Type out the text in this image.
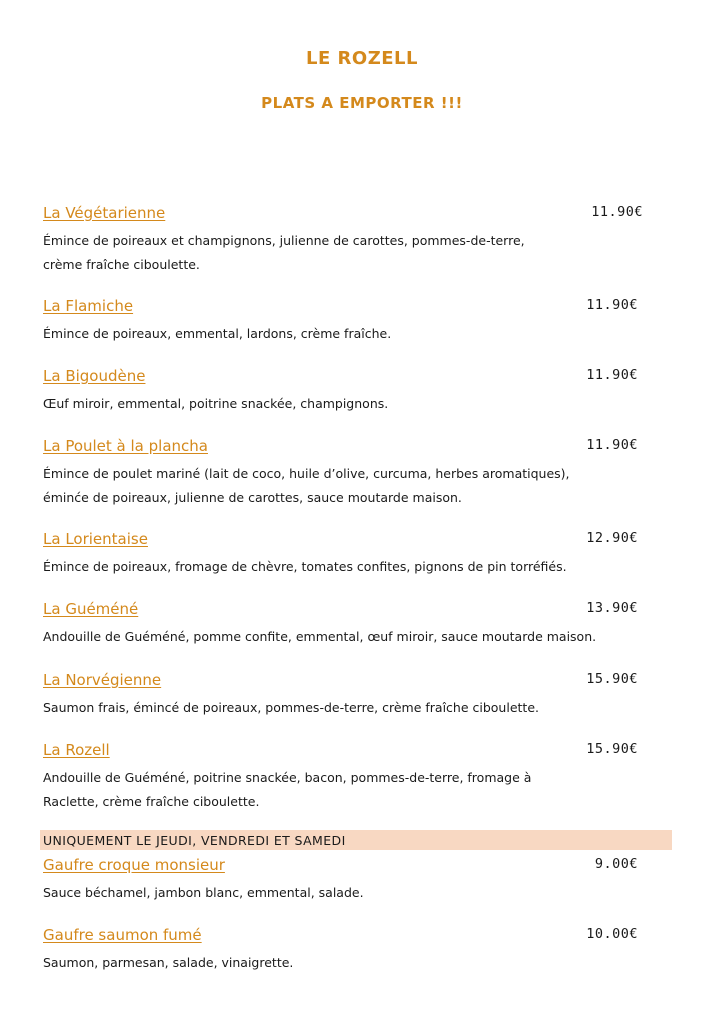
LE ROZELL
PLATS A EMPORTER !!!
La Végétarienne	11.90€
Émince de poireaux et champignons, julienne de carottes, pommes-de-terre,
crème fraîche ciboulette.
La Flamiche	11.90€
Émince de poireaux, emmental, lardons, crème fraîche.
La Bigoudène	11.90€
Œuf miroir, emmental, poitrine snackée, champignons.
La Poulet à la plancha	11.90€
Émince de poulet mariné (lait de coco, huile d’olive, curcuma, herbes aromatiques),
éminće de poireaux, julienne de carottes, sauce moutarde maison.
La Lorientaise	12.90€
Émince de poireaux, fromage de chèvre, tomates confites, pignons de pin torréfiés.
La Guéméné	13.90€
Andouille de Guéméné, pomme confite, emmental, œuf miroir, sauce moutarde maison.
La Norvégienne	15.90€
Saumon frais, émincé de poireaux, pommes-de-terre, crème fraîche ciboulette.
La Rozell	15.90€
Andouille de Guéméné, poitrine snackée, bacon, pommes-de-terre, fromage à
Raclette, crème fraîche ciboulette.
UNIQUEMENT LE JEUDI, VENDREDI ET SAMEDI
Gaufre croque monsieur	9.00€
Sauce béchamel, jambon blanc, emmental, salade.
Gaufre saumon fumé	10.00€
Saumon, parmesan, salade, vinaigrette.
